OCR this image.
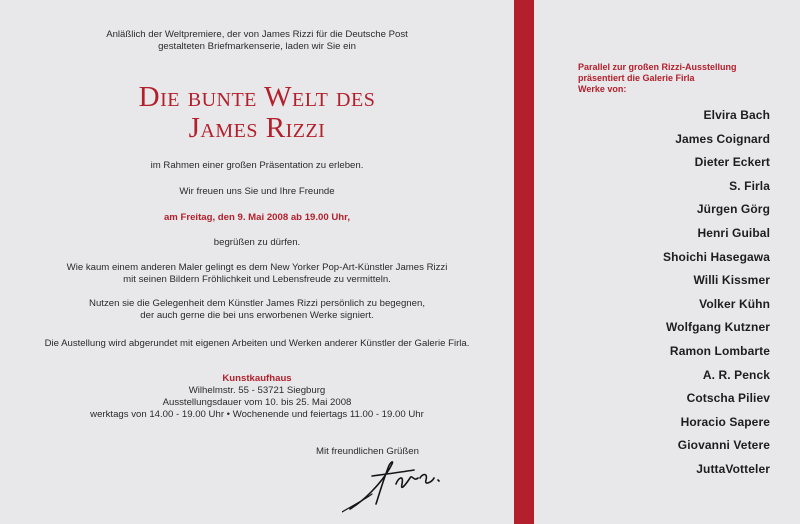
Anläßlich der Weltpremiere, der von James Rizzi für die Deutsche Post
gestalteten Briefmarkenserie, laden wir Sie ein
Die bunte Welt des
James Rizzi
im Rahmen einer großen Präsentation zu erleben.
Wir freuen uns Sie und Ihre Freunde
am Freitag, den 9. Mai 2008 ab 19.00 Uhr,
begrüßen zu dürfen.
Wie kaum einem anderen Maler gelingt es dem New Yorker Pop-Art-Künstler James Rizzi
mit seinen Bildern Fröhlichkeit und Lebensfreude zu vermitteln.
Nutzen sie die Gelegenheit dem Künstler James Rizzi persönlich zu begegnen,
der auch gerne die bei uns erworbenen Werke signiert.
Die Austellung wird abgerundet mit eigenen Arbeiten und Werken anderer Künstler der Galerie Firla.
Kunstkaufhaus
Wilhelmstr. 55 - 53721 Siegburg
Ausstellungsdauer vom 10. bis 25. Mai 2008
werktags von 14.00 - 19.00 Uhr • Wochenende und feiertags 11.00 - 19.00 Uhr
Mit freundlichen Grüßen
Parallel zur großen Rizzi-Ausstellung
präsentiert die Galerie Firla
Werke von:
Elvira Bach
James Coignard
Dieter Eckert
S. Firla
Jürgen Görg
Henri Guibal
Shoichi Hasegawa
Willi Kissmer
Volker Kühn
Wolfgang Kutzner
Ramon Lombarte
A. R. Penck
Cotscha Piliev
Horacio Sapere
Giovanni Vetere
JuttaVotteler
